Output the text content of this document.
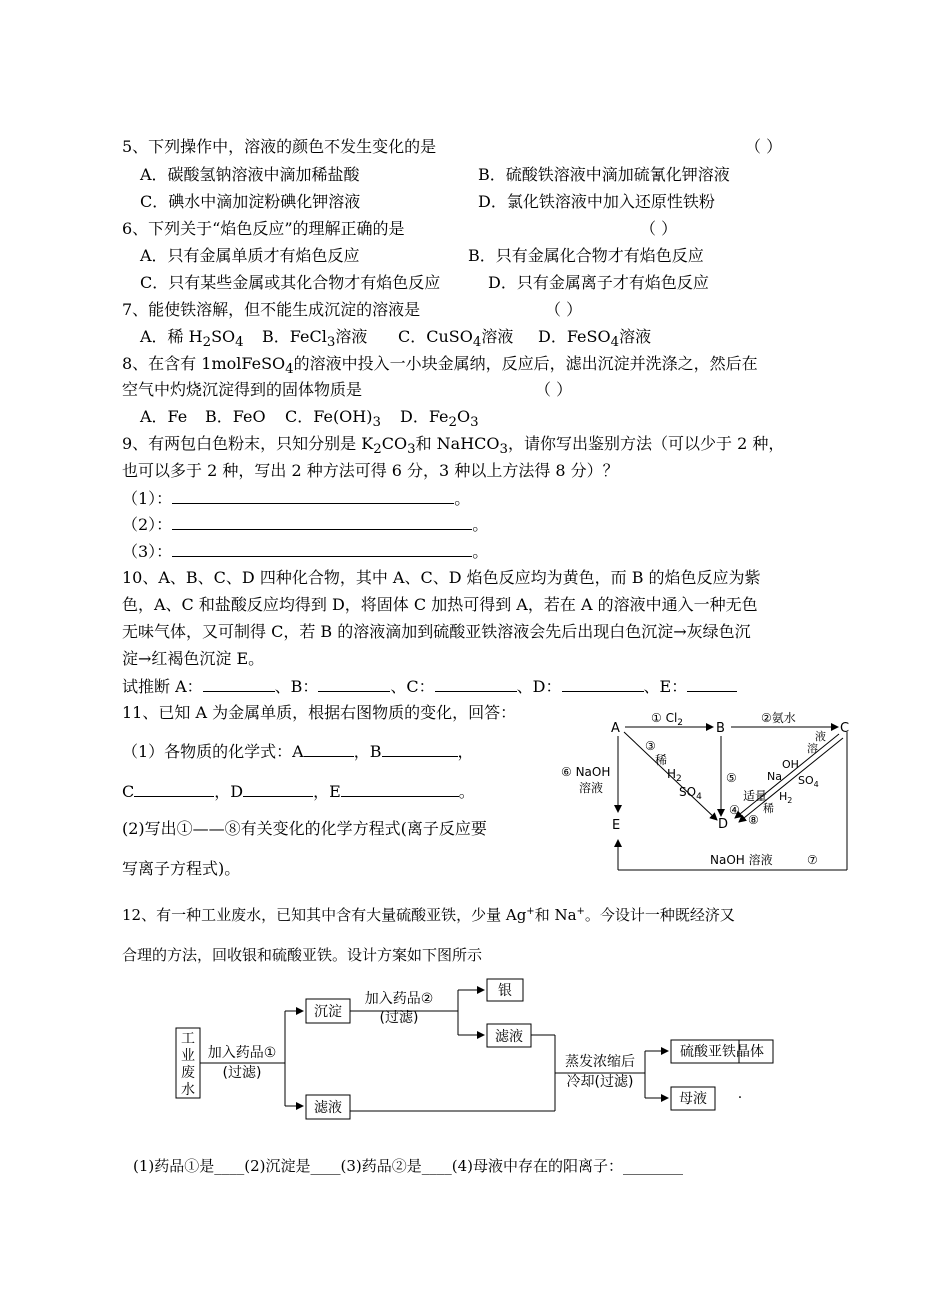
5、下列操作中，溶液的颜色不发生变化的是	（ ）
A．碳酸氢钠溶液中滴加稀盐酸	B．硫酸铁溶液中滴加硫氰化钾溶液
C．碘水中滴加淀粉碘化钾溶液	D．氯化铁溶液中加入还原性铁粉
6、下列关于“焰色反应”的理解正确的是	（ ）
A．只有金属单质才有焰色反应	B．只有金属化合物才有焰色反应
C．只有某些金属或其化合物才有焰色反应	D．只有金属离子才有焰色反应
7、能使铁溶解，但不能生成沉淀的溶液是	（ ）
A．稀 $H_2SO_4$ B．FeCl$_3$溶液 C．CuSO$_4$溶液 D．FeSO$_4$溶液
8、在含有 1molFeSO$_4$的溶液中投入一小块金属纳，反应后，滤出沉淀并洗涤之，然后在
空气中灼烧沉淀得到的固体物质是	（ ）
A．Fe B．FeO C．$Fe(OH)_3$ D．$Fe_2O_3$
9、有两包白色粉末，只知分别是 $K_2CO_3$和 NaHCO$_3$，请你写出鉴别方法（可以少于 2 种，
也可以多于 2 种，写出 2 种方法可得 6 分，3 种以上方法得 8 分）？
（1）：	。
（2）：	。
（3）：	。
10、A、B、C、D 四种化合物，其中 A、C、D 焰色反应均为黄色，而 B 的焰色反应为紫
色，A、C 和盐酸反应均得到 D，将固体 C 加热可得到 A，若在 A 的溶液中通入一种无色
无味气体，又可制得 C，若 B 的溶液滴加到硫酸亚铁溶液会先后出现白色沉淀→灰绿色沉
淀→红褐色沉淀 E。
试推断 A：	、B：	、C：	、D：	、E：
11、已知 A 为金属单质，根据右图物质的变化，回答：
（1）各物质的化学式：A	，B	，
C	，D	，E	。
(2)写出①——⑧有关变化的化学方程式(离子反应要
写离子方程式)。
A	B	C
D
E
① $Cl_2$	②氨水
⑥ NaOH
溶液
③
稀
$H_2$
$SO_4$
⑤
④
适量
Na
OH
溶
液
⑧
稀
$H_2$
$SO_4$
NaOH 溶液	⑦
12、有一种工业废水，已知其中含有大量硫酸亚铁，少量 Ag+和 Na+。今设计一种既经济又
合理的方法，回收银和硫酸亚铁。设计方案如下图所示
工
业
废
水
加入药品①
(过滤)
沉淀
加入药品②
(过滤)
银
滤液
滤液
蒸发浓缩后
冷却(过滤)
硫酸亚铁晶体
母液 .
(1)药品①是____(2)沉淀是____(3)药品②是____(4)母液中存在的阳离子：________
